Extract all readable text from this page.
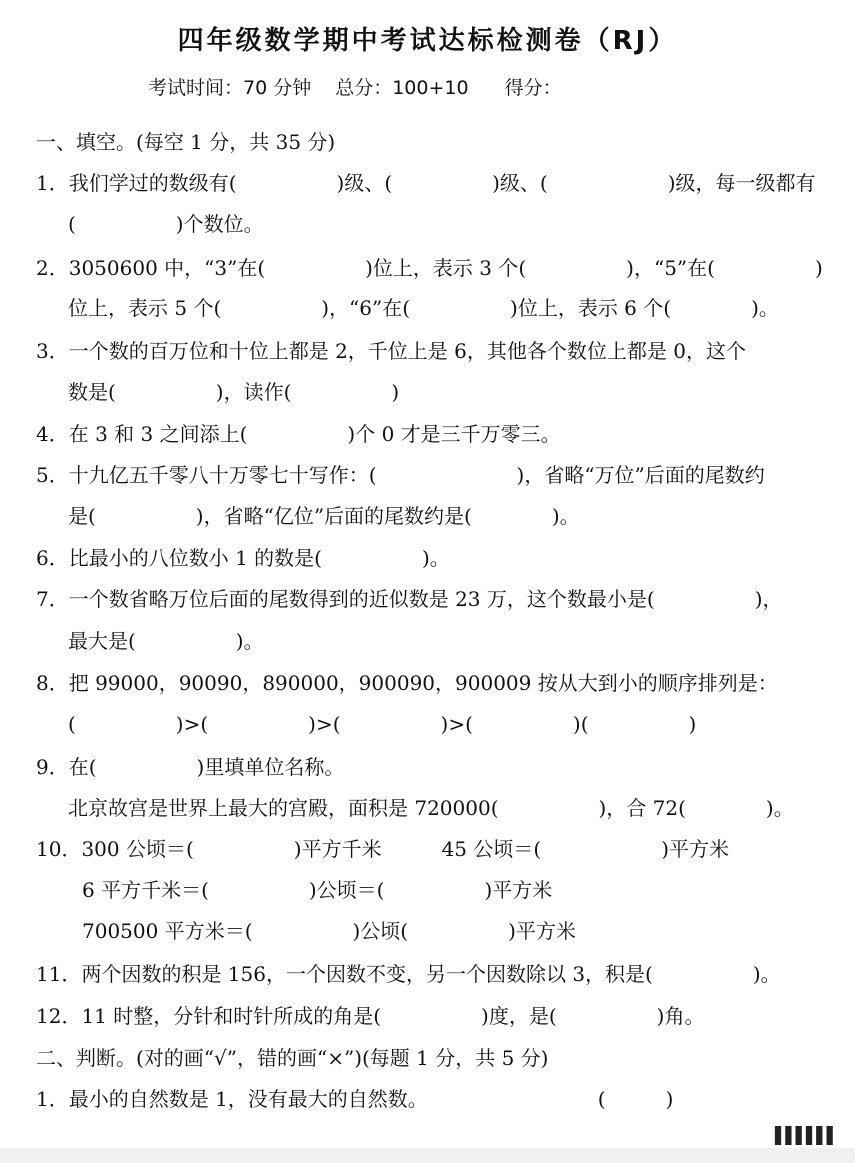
四年级数学期中考试达标检测卷（RJ）
考试时间：70 分钟 总分：100+10 得分：
一、填空。(每空 1 分，共 35 分)
1．我们学过的数级有(　　　　　)级、(　　　　　)级、(　　　　　　)级，每一级都有
(　　　　　)个数位。
2．3050600 中，“3”在(　　　　　)位上，表示 3 个(　　　　　)，“5”在(　　　　　)
位上，表示 5 个(　　　　　)，“6”在(　　　　　)位上，表示 6 个(　　　　)。
3．一个数的百万位和十位上都是 2，千位上是 6，其他各个数位上都是 0，这个
数是(　　　　　)，读作(　　　　　)
4．在 3 和 3 之间添上(　　　　　)个 0 才是三千万零三。
5．十九亿五千零八十万零七十写作：(　　　　　　　)，省略“万位”后面的尾数约
是(　　　　　)，省略“亿位”后面的尾数约是(　　　　)。
6．比最小的八位数小 1 的数是(　　　　　)。
7．一个数省略万位后面的尾数得到的近似数是 23 万，这个数最小是(　　　　　)，
最大是(　　　　　)。
8．把 99000，90090，890000，900090，900009 按从大到小的顺序排列是：
(　　　　　)>(　　　　　)>(　　　　　)>(　　　　　)(　　　　　)
9．在(　　　　　)里填单位名称。
北京故宫是世界上最大的宫殿，面积是 720000(　　　　　)，合 72(　　　　)。
10．300 公顷＝(　　　　　)平方千米　　　45 公顷＝(　　　　　　)平方米
6 平方千米＝(　　　　　)公顷＝(　　　　　)平方米
700500 平方米＝(　　　　　)公顷(　　　　　)平方米
11．两个因数的积是 156，一个因数不变，另一个因数除以 3，积是(　　　　　)。
12．11 时整，分针和时针所成的角是(　　　　　)度，是(　　　　　)角。
二、判断。(对的画“√”，错的画“×”)(每题 1 分，共 5 分)
1．最小的自然数是 1，没有最大的自然数。　　　　　　　　　(　　　)
▌▌▌▌▌▌
